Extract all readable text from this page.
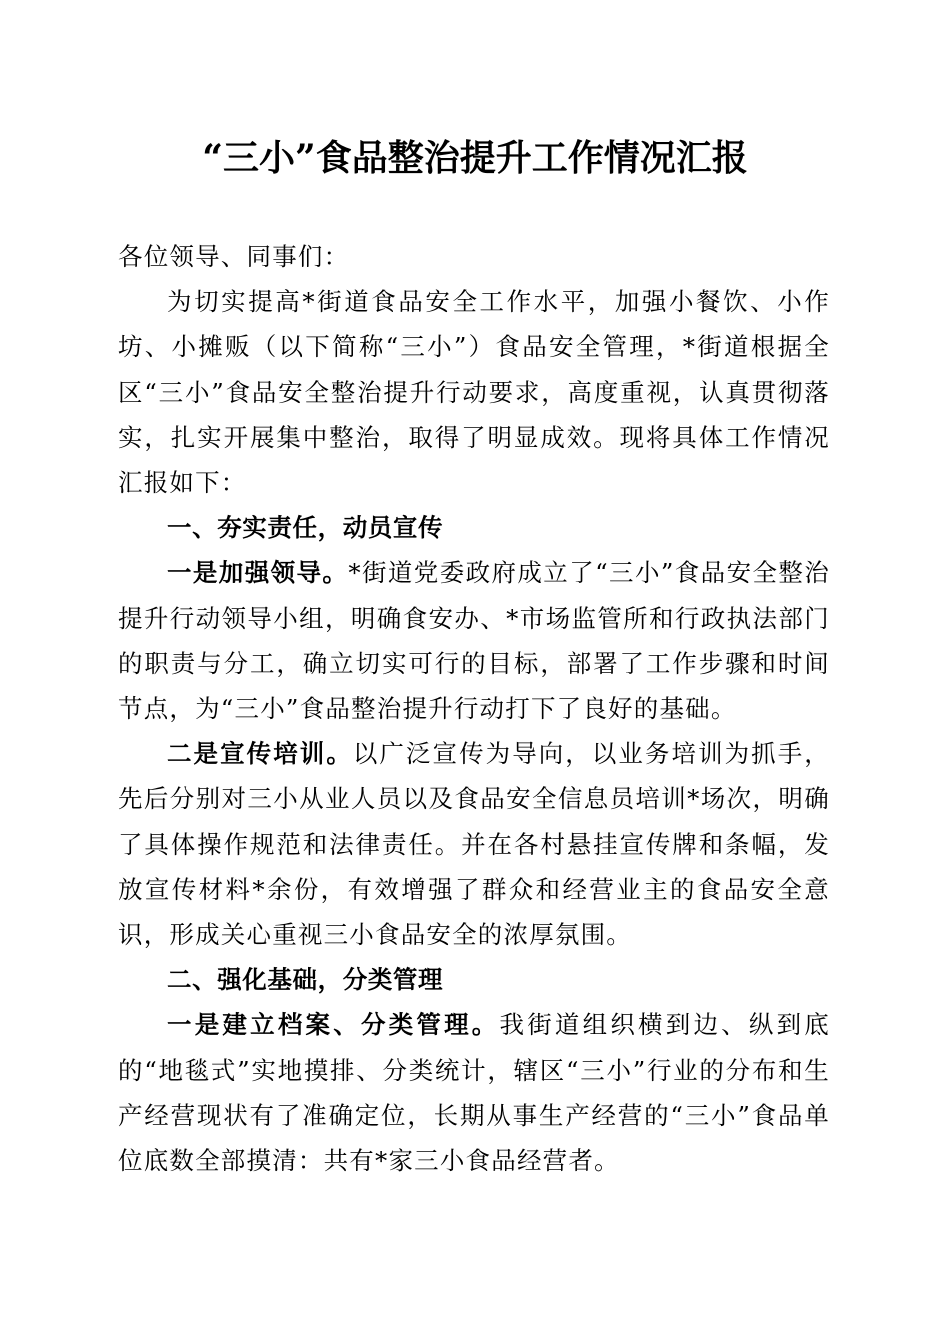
“三小”食品整治提升工作情况汇报

各位领导、同事们：

为切实提高*街道食品安全工作水平，加强小餐饮、小作坊、小摊贩（以下简称“三小”）食品安全管理，*街道根据全区“三小”食品安全整治提升行动要求，高度重视，认真贯彻落实，扎实开展集中整治，取得了明显成效。现将具体工作情况汇报如下：

一、夯实责任，动员宣传

一是加强领导。*街道党委政府成立了“三小”食品安全整治提升行动领导小组，明确食安办、*市场监管所和行政执法部门的职责与分工，确立切实可行的目标，部署了工作步骤和时间节点，为“三小”食品整治提升行动打下了良好的基础。

二是宣传培训。以广泛宣传为导向，以业务培训为抓手，先后分别对三小从业人员以及食品安全信息员培训*场次，明确了具体操作规范和法律责任。并在各村悬挂宣传牌和条幅，发放宣传材料*余份，有效增强了群众和经营业主的食品安全意识，形成关心重视三小食品安全的浓厚氛围。

二、强化基础，分类管理

一是建立档案、分类管理。我街道组织横到边、纵到底的“地毯式”实地摸排、分类统计，辖区“三小”行业的分布和生产经营现状有了准确定位，长期从事生产经营的“三小”食品单位底数全部摸清：共有*家三小食品经营者。
